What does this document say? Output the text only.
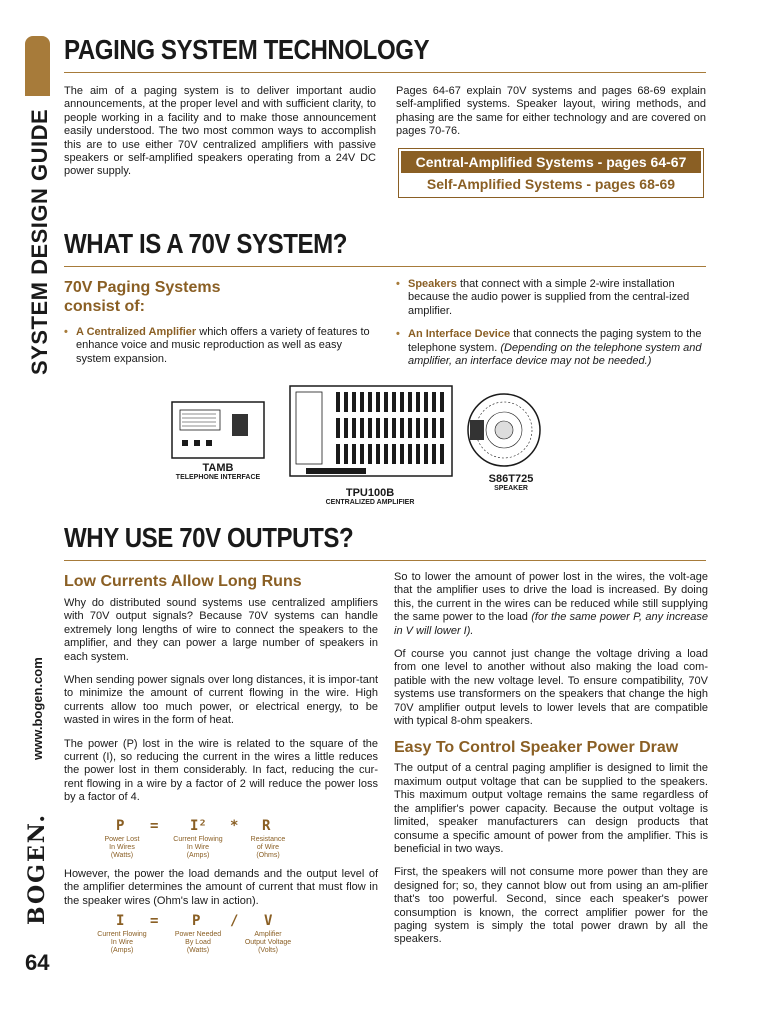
SYSTEM DESIGN GUIDE
www.bogen.com
BOGEN.
64
PAGING SYSTEM TECHNOLOGY

The aim of a paging system is to deliver important audio announcements, at the proper level and with sufficient clarity, to people working in a facility and to make those announcement easily understood. The two most common ways to accomplish this are to use either 70V centralized amplifiers with passive speakers or self-amplified speakers operating from a 24V DC power supply.

Pages 64-67 explain 70V systems and pages 68-69 explain self-amplified systems. Speaker layout, wiring methods, and phasing are the same for either technology and are covered on pages 70-76.

Central-Amplified Systems - pages 64-67
Self-Amplified Systems - pages 68-69
WHAT IS A 70V SYSTEM?
70V Paging Systems
consist of:
• A Centralized Amplifier which offers a variety of features to enhance voice and music reproduction as well as easy system expansion.
• Speakers that connect with a simple 2-wire installation because the audio power is supplied from the central-ized amplifier.
• An Interface Device that connects the paging system to the telephone system. (Depending on the telephone system and amplifier, an interface device may not be needed.)
TAMB
TELEPHONE INTERFACE
TPU100B
CENTRALIZED AMPLIFIER
S86T725
SPEAKER
WHY USE 70V OUTPUTS?
Low Currents Allow Long Runs

Why do distributed sound systems use centralized amplifiers with 70V output signals? Because 70V systems can handle extremely long lengths of wire to connect the speakers to the amplifier, and they can power a large number of speakers in each system.

When sending power signals over long distances, it is impor-tant to minimize the amount of current flowing in the wire. High currents allow too much power, or electrical energy, to be wasted in wires in the form of heat.

The power (P) lost in the wire is related to the square of the current (I), so reducing the current in the wires a little reduces the power lost in them considerably. In fact, reducing the cur-rent flowing in a wire by a factor of 2 will reduce the power loss by a factor of 4.

P = I² * R
Power Lost
In Wires
(Watts)
Current Flowing
In Wire
(Amps)
Resistance
of Wire
(Ohms)

However, the power the load demands and the output level of the amplifier determines the amount of current that must flow in the speaker wires (Ohm's law in action).

I = P / V
Current Flowing
In Wire
(Amps)
Power Needed
By Load
(Watts)
Amplifier
Output Voltage
(Volts)

So to lower the amount of power lost in the wires, the volt-age that the amplifier uses to drive the load is increased. By doing this, the current in the wires can be reduced while still supplying the same power to the load (for the same power P, any increase in V will lower I).

Of course you cannot just change the voltage driving a load from one level to another without also making the load com-patible with the new voltage level. To ensure compatibility, 70V systems use transformers on the speakers that change the high 70V amplifier output levels to lower levels that are compatible with typical 8-ohm speakers.

Easy To Control Speaker Power Draw

The output of a central paging amplifier is designed to limit the maximum output voltage that can be supplied to the speakers. This maximum output voltage remains the same regardless of the amplifier's power capacity. Because the output voltage is limited, speaker manufacturers can design products that consume a specific amount of power from the amplifier. This is beneficial in two ways.

First, the speakers will not consume more power than they are designed for; so, they cannot blow out from using an am-plifier that's too powerful. Second, since each speaker's power consumption is known, the correct amplifier power for the paging system is simply the total power drawn by all the speakers.
